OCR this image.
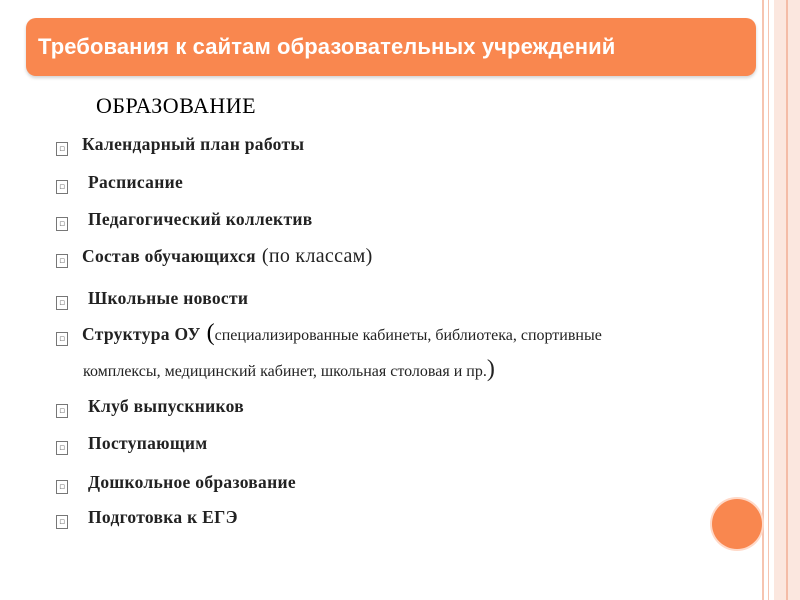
Требования к сайтам образовательных учреждений
ОБРАЗОВАНИЕ
▫ Календарный план работы
▫ Расписание
▫ Педагогический коллектив
▫ Состав обучающихся (по классам)
▫ Школьные новости
▫ Структура ОУ ( специализированные кабинеты, библиотека, спортивные
комплексы, медицинский кабинет, школьная столовая и пр.)
▫ Клуб выпускников
▫ Поступающим
▫ Дошкольное образование
▫ Подготовка к ЕГЭ
